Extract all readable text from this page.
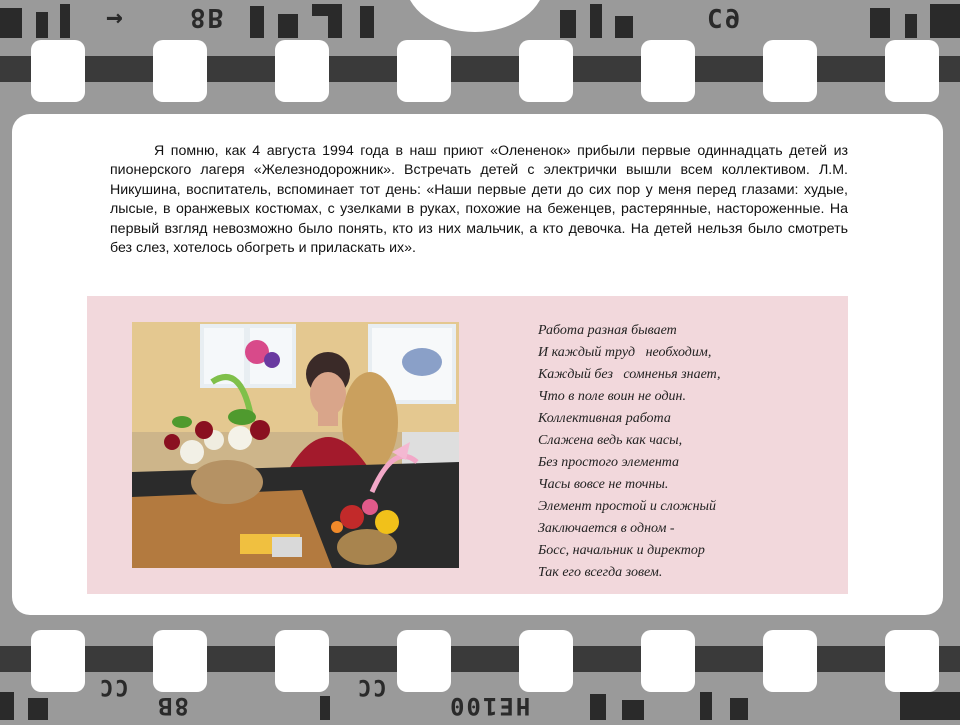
→	8B	C9
CC
8B
CC
HE100

Я помню, как 4 августа 1994 года в наш приют «Олененок» прибыли первые одиннадцать детей из пионерского лагеря «Железнодорожник». Встречать детей с электрички вышли всем коллективом. Л.М. Никушина, воспитатель, вспоминает тот день: «Наши первые дети до сих пор у меня перед глазами: худые, лысые, в оранжевых костюмах, с узелками в руках, похожие на беженцев, растерянные, настороженные. На первый взгляд невозможно было понять, кто из них мальчик, а кто девочка. На детей нельзя было смотреть без слез, хотелось обогреть и приласкать их».

Работа разная бывает
И каждый труд   необходим,
Каждый без   сомненья знает,
Что в поле воин не один.
Коллективная работа
Слажена ведь как часы,
Без простого элемента
Часы вовсе не точны.
Элемент простой и сложный
Заключается в одном -
Босс, начальник и директор
Так его всегда зовем.
